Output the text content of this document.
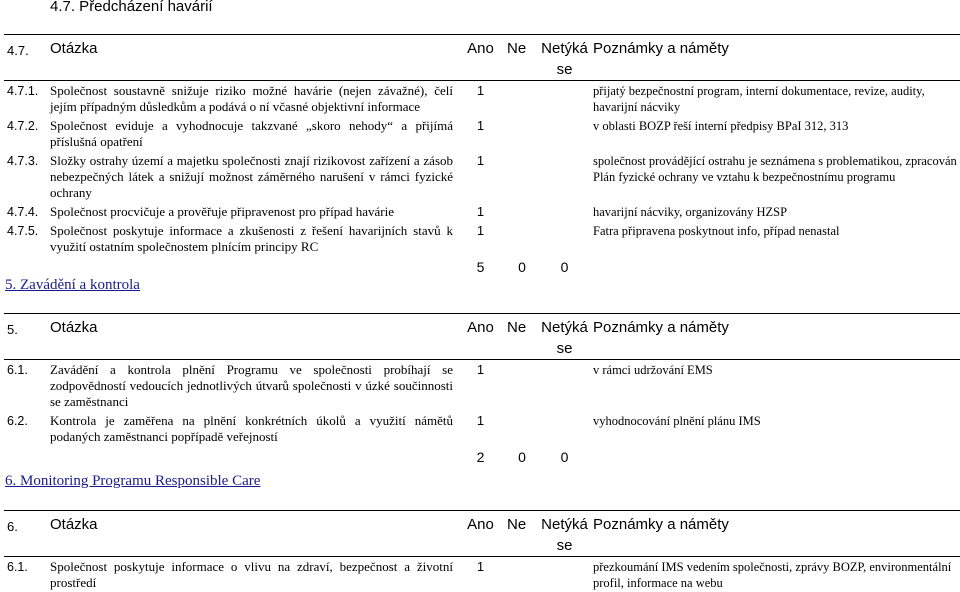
4.7. Předcházení havárií
4.7.	Otázka	Ano	Ne	Netýká
se	Poznámky a náměty
4.7.1.	Společnost soustavně snižuje riziko možné havárie (nejen závažné), čelí jejím případným důsledkům a podává o ní včasné objektivní informace	1			přijatý bezpečnostní program, interní dokumentace, revize, audity, havarijní nácviky
4.7.2.	Společnost eviduje a vyhodnocuje takzvané „skoro nehody“ a přijímá příslušná opatření	1			v oblasti BOZP řeší interní předpisy BPaI 312, 313
4.7.3.	Složky ostrahy území a majetku společnosti znají rizikovost zařízení a zásob nebezpečných látek a snižují možnost záměrného narušení v rámci fyzické ochrany	1			společnost provádějící ostrahu je seznámena s problematikou, zpracován Plán fyzické ochrany ve vztahu k bezpečnostnímu programu
4.7.4.	Společnost procvičuje a prověřuje připravenost pro případ havárie	1			havarijní nácviky, organizovány HZSP
4.7.5.	Společnost poskytuje informace a zkušenosti z řešení havarijních stavů k využití ostatním společnostem plnícím principy RC	1			Fatra připravena poskytnout info, případ nenastal
		5	0	0	
5. Zavádění a kontrola
5.	Otázka	Ano	Ne	Netýká
se	Poznámky a náměty
6.1.	Zavádění a kontrola plnění Programu ve společnosti probíhají se zodpovědností vedoucích jednotlivých útvarů společnosti v úzké součinnosti se zaměstnanci	1			v rámci udržování EMS
6.2.	Kontrola je zaměřena na plnění konkrétních úkolů a využití námětů podaných zaměstnanci popřípadě veřejností	1			vyhodnocování plnění plánu IMS
		2	0	0	
6. Monitoring Programu Responsible Care
6.	Otázka	Ano	Ne	Netýká
se	Poznámky a náměty
6.1.	Společnost poskytuje informace o vlivu na zdraví, bezpečnost a životní prostředí	1			přezkoumání IMS vedením společnosti, zprávy BOZP, environmentální profil, informace na webu
